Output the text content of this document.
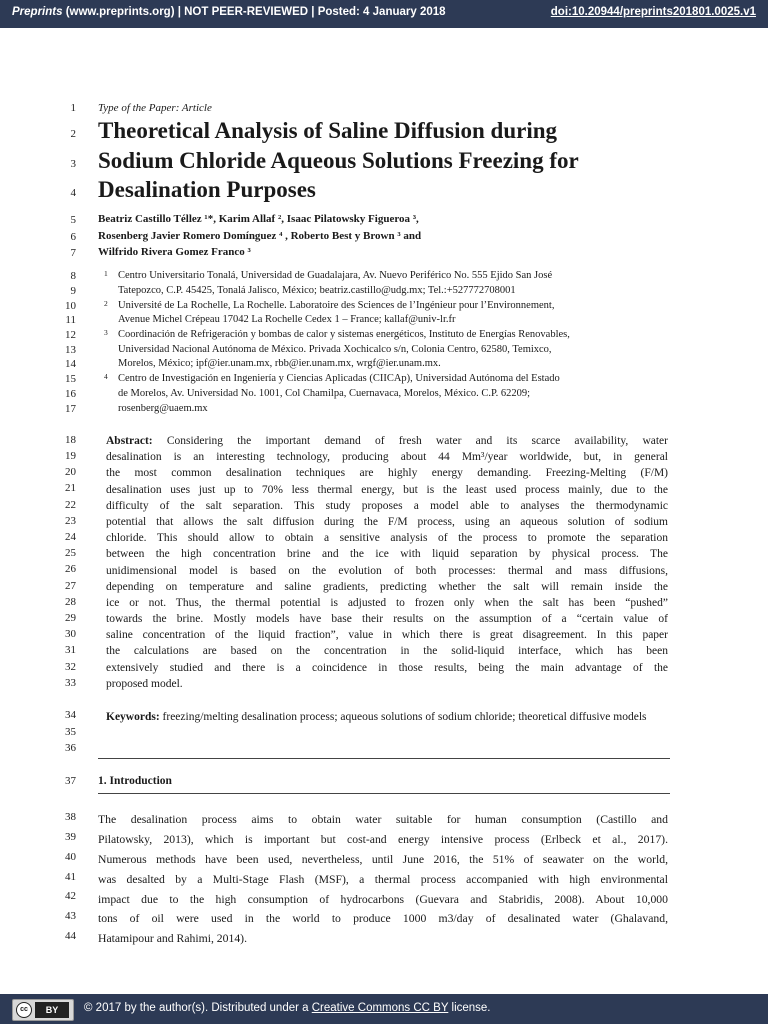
Preprints (www.preprints.org) | NOT PEER-REVIEWED | Posted: 4 January 2018	doi:10.20944/preprints201801.0025.v1
1
2
3
4
5
6
7
8
9
10
11
12
13
14
15
16
17
18
19
20
21
22
23
24
25
26
27
28
29
30
31
32
33
34
35
36
37
38
39
40
41
42
43
44
Type of the Paper: Article
Theoretical Analysis of Saline Diffusion during
Sodium Chloride Aqueous Solutions Freezing for
Desalination Purposes
Beatriz Castillo Téllez ¹*, Karim Allaf ², Isaac Pilatowsky Figueroa ³,
Rosenberg Javier Romero Domínguez ⁴ , Roberto Best y Brown ³ and
Wilfrido Rivera Gomez Franco ³
1 Centro Universitario Tonalá, Universidad de Guadalajara, Av. Nuevo Periférico No. 555 Ejido San José
Tatepozco, C.P. 45425, Tonalá Jalisco, México; beatriz.castillo@udg.mx; Tel.:+527772708001
2 Université de La Rochelle, La Rochelle. Laboratoire des Sciences de l’Ingénieur pour l’Environnement,
Avenue Michel Crépeau 17042 La Rochelle Cedex 1 – France; kallaf@univ-lr.fr
3 Coordinación de Refrigeración y bombas de calor y sistemas energéticos, Instituto de Energías Renovables,
Universidad Nacional Autónoma de México. Privada Xochicalco s/n, Colonia Centro, 62580, Temixco,
Morelos, México; ipf@ier.unam.mx, rbb@ier.unam.mx, wrgf@ier.unam.mx.
4 Centro de Investigación en Ingeniería y Ciencias Aplicadas (CIICAp), Universidad Autónoma del Estado
de Morelos, Av. Universidad No. 1001, Col Chamilpa, Cuernavaca, Morelos, México. C.P. 62209;
rosenberg@uaem.mx
Abstract: Considering the important demand of fresh water and its scarce availability, water
desalination is an interesting technology, producing about 44 Mm³/year worldwide, but, in general
the most common desalination techniques are highly energy demanding. Freezing-Melting (F/M)
desalination uses just up to 70% less thermal energy, but is the least used process mainly, due to the
difficulty of the salt separation. This study proposes a model able to analyses the thermodynamic
potential that allows the salt diffusion during the F/M process, using an aqueous solution of sodium
chloride. This should allow to obtain a sensitive analysis of the process to promote the separation
between the high concentration brine and the ice with liquid separation by physical process. The
unidimensional model is based on the evolution of both processes: thermal and mass diffusions,
depending on temperature and saline gradients, predicting whether the salt will remain inside the
ice or not. Thus, the thermal potential is adjusted to frozen only when the salt has been “pushed”
towards the brine. Mostly models have base their results on the assumption of a “certain value of
saline concentration of the liquid fraction”, value in which there is great disagreement. In this paper
the calculations are based on the concentration in the solid-liquid interface, which has been
extensively studied and there is a coincidence in those results, being the main advantage of the
proposed model.
Keywords: freezing/melting desalination process; aqueous solutions of sodium chloride; theoretical diffusive models
1. Introduction
The desalination process aims to obtain water suitable for human consumption (Castillo and
Pilatowsky, 2013), which is important but cost-and energy intensive process (Erlbeck et al., 2017).
Numerous methods have been used, nevertheless, until June 2016, the 51% of seawater on the world,
was desalted by a Multi-Stage Flash (MSF), a thermal process accompanied with high environmental
impact due to the high consumption of hydrocarbons (Guevara and Stabridis, 2008). About 10,000
tons of oil were used in the world to produce 1000 m3/day of desalinated water (Ghalavand,
Hatamipour and Rahimi, 2014).
cc	BY	© 2017 by the author(s). Distributed under a Creative Commons CC BY license.
